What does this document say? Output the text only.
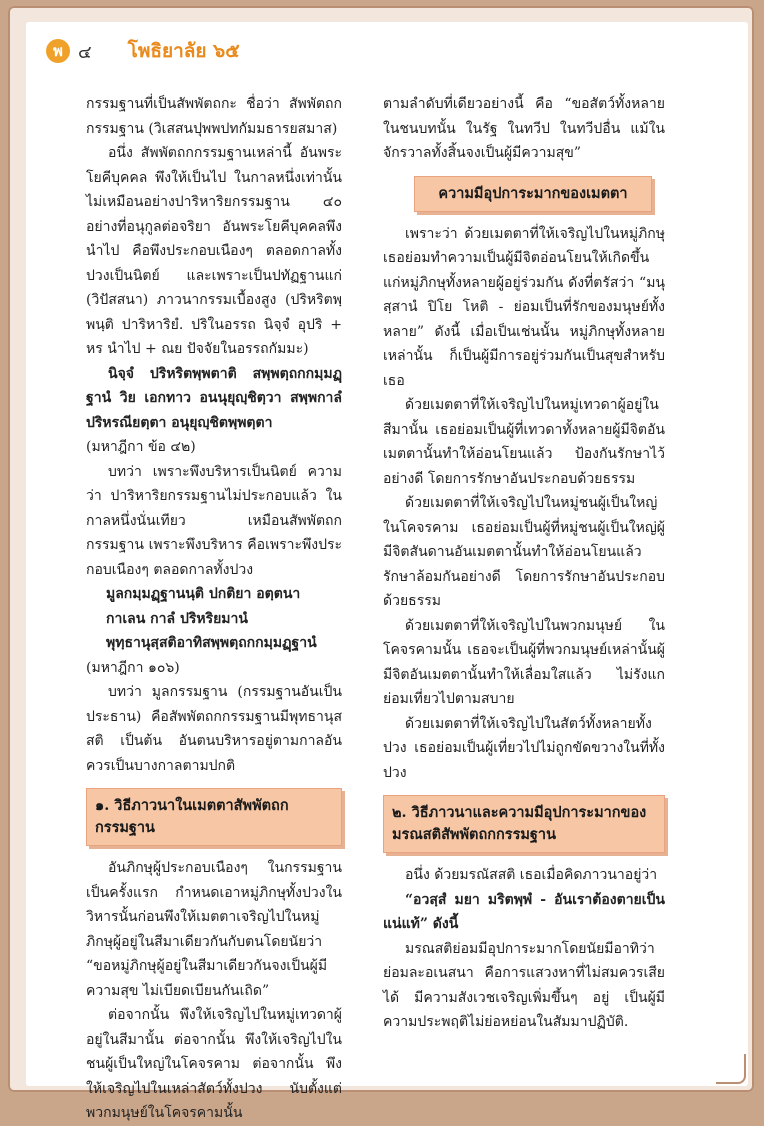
พ ๔ โพธิยาลัย ๖๕

กรรมฐานที่เป็นสัพพัตถกะ ชื่อว่า สัพพัตถกกรรมฐาน (วิเสสนปุพพปทกัมมธารยสมาส)

อนึ่ง สัพพัตถกกรรมฐานเหล่านี้ อันพระโยคีบุคคล พึงให้เป็นไป ในกาลหนึ่งเท่านั้น ไม่เหมือนอย่างปาริหาริยกรรมฐาน ๔๐ อย่างที่อนุกูลต่อจริยา อันพระโยคีบุคคลพึงนำไป คือพึงประกอบเนืองๆ ตลอดกาลทั้งปวงเป็นนิตย์ และเพราะเป็นปทัฏฐานแก่ (วิปัสสนา) ภาวนากรรมเบื้องสูง (ปริหริตพฺพนฺติ ปาริหาริยํ. ปริในอรรถ นิจฺจํ อุปริ + หร นำไป + ณย ปัจจัยในอรรถกัมมะ)

นิจฺจํ ปริหริตพฺพตาติ สพฺพตฺถกกมฺมฏฺฐานํ วิย เอกทาว อนนุยุญฺชิตฺวา สพฺพกาลํ ปริหรณียตฺตา อนุยุญฺชิตพฺพตฺตา

(มหาฎีกา ข้อ ๔๒)

บทว่า เพราะพึงบริหารเป็นนิตย์ ความว่า ปาริหาริยกรรมฐานไม่ประกอบแล้ว ในกาลหนึ่งนั่นเทียว เหมือนสัพพัตถกกรรมฐาน เพราะพึงบริหาร คือเพราะพึงประกอบเนืองๆ ตลอดกาลทั้งปวง

มูลกมฺมฏฺฐานนฺติ ปกติยา อตฺตนา

กาเลน กาลํ ปริหริยมานํ

พุทฺธานุสฺสติอาทิสพฺพตฺถกกมฺมฏฺฐานํ

(มหาฎีกา ๑๐๖)

บทว่า มูลกรรมฐาน (กรรมฐานอันเป็นประธาน) คือสัพพัตถกกรรมฐานมีพุทธานุสสติ เป็นต้น อันตนบริหารอยู่ตามกาลอันควรเป็นบางกาลตามปกติ

๑. วิธีภาวนาในเมตตาสัพพัตถกกรรมฐาน

อันภิกษุผู้ประกอบเนืองๆ ในกรรมฐานเป็นครั้งแรก กำหนดเอาหมู่ภิกษุทั้งปวงในวิหารนั้นก่อนพึงให้เมตตาเจริญไปในหมู่ภิกษุผู้อยู่ในสีมาเดียวกันกับตนโดยนัยว่า “ขอหมู่ภิกษุผู้อยู่ในสีมาเดียวกันจงเป็นผู้มีความสุข ไม่เบียดเบียนกันเถิด”

ต่อจากนั้น พึงให้เจริญไปในหมู่เทวดาผู้อยู่ในสีมานั้น ต่อจากนั้น พึงให้เจริญไปในชนผู้เป็นใหญ่ในโคจรคาม ต่อจากนั้น พึงให้เจริญไปในเหล่าสัตว์ทั้งปวง นับตั้งแต่พวกมนุษย์ในโคจรคามนั้น

ตามลำดับที่เดียวอย่างนี้ คือ “ขอสัตว์ทั้งหลายในชนบทนั้น ในรัฐ ในทวีป ในทวีปอื่น แม้ในจักรวาลทั้งสิ้นจงเป็นผู้มีความสุข”

ความมีอุปการะมากของเมตตา

เพราะว่า ด้วยเมตตาที่ให้เจริญไปในหมู่ภิกษุเธอย่อมทำความเป็นผู้มีจิตอ่อนโยนให้เกิดขึ้นแก่หมู่ภิกษุทั้งหลายผู้อยู่ร่วมกัน ดังที่ตรัสว่า “มนุสฺสานํ ปิโย โหติ - ย่อมเป็นที่รักของมนุษย์ทั้งหลาย” ดังนี้ เมื่อเป็นเช่นนั้น หมู่ภิกษุทั้งหลายเหล่านั้น ก็เป็นผู้มีการอยู่ร่วมกันเป็นสุขสำหรับเธอ

ด้วยเมตตาที่ให้เจริญไปในหมู่เทวดาผู้อยู่ในสีมานั้น เธอย่อมเป็นผู้ที่เทวดาทั้งหลายผู้มีจิตอันเมตตานั้นทำให้อ่อนโยนแล้ว ป้องกันรักษาไว้อย่างดี โดยการรักษาอันประกอบด้วยธรรม

ด้วยเมตตาที่ให้เจริญไปในหมู่ชนผู้เป็นใหญ่ในโคจรคาม เธอย่อมเป็นผู้ที่หมู่ชนผู้เป็นใหญ่ผู้มีจิตสันดานอันเมตตานั้นทำให้อ่อนโยนแล้ว รักษาล้อมกันอย่างดี โดยการรักษาอันประกอบด้วยธรรม

ด้วยเมตตาที่ให้เจริญไปในพวกมนุษย์ ในโคจรคามนั้น เธอจะเป็นผู้ที่พวกมนุษย์เหล่านั้นผู้มีจิตอันเมตตานั้นทำให้เลื่อมใสแล้ว ไม่รังแก ย่อมเที่ยวไปตามสบาย

ด้วยเมตตาที่ให้เจริญไปในสัตว์ทั้งหลายทั้งปวง เธอย่อมเป็นผู้เที่ยวไปไม่ถูกขัดขวางในที่ทั้งปวง

๒. วิธีภาวนาและความมีอุปการะมากของมรณสติสัพพัตถกกรรมฐาน

อนึ่ง ด้วยมรณัสสติ เธอเมื่อคิดภาวนาอยู่ว่า

“อวสฺสํ มยา มริตพฺพํ - อันเราต้องตายเป็นแน่แท้” ดังนี้

มรณสติย่อมมีอุปการะมากโดยนัยมีอาทิว่า ย่อมละอเนสนา คือการแสวงหาที่ไม่สมควรเสียได้ มีความสังเวชเจริญเพิ่มขึ้นๆ อยู่ เป็นผู้มีความประพฤติไม่ย่อหย่อนในสัมมาปฏิบัติ.
